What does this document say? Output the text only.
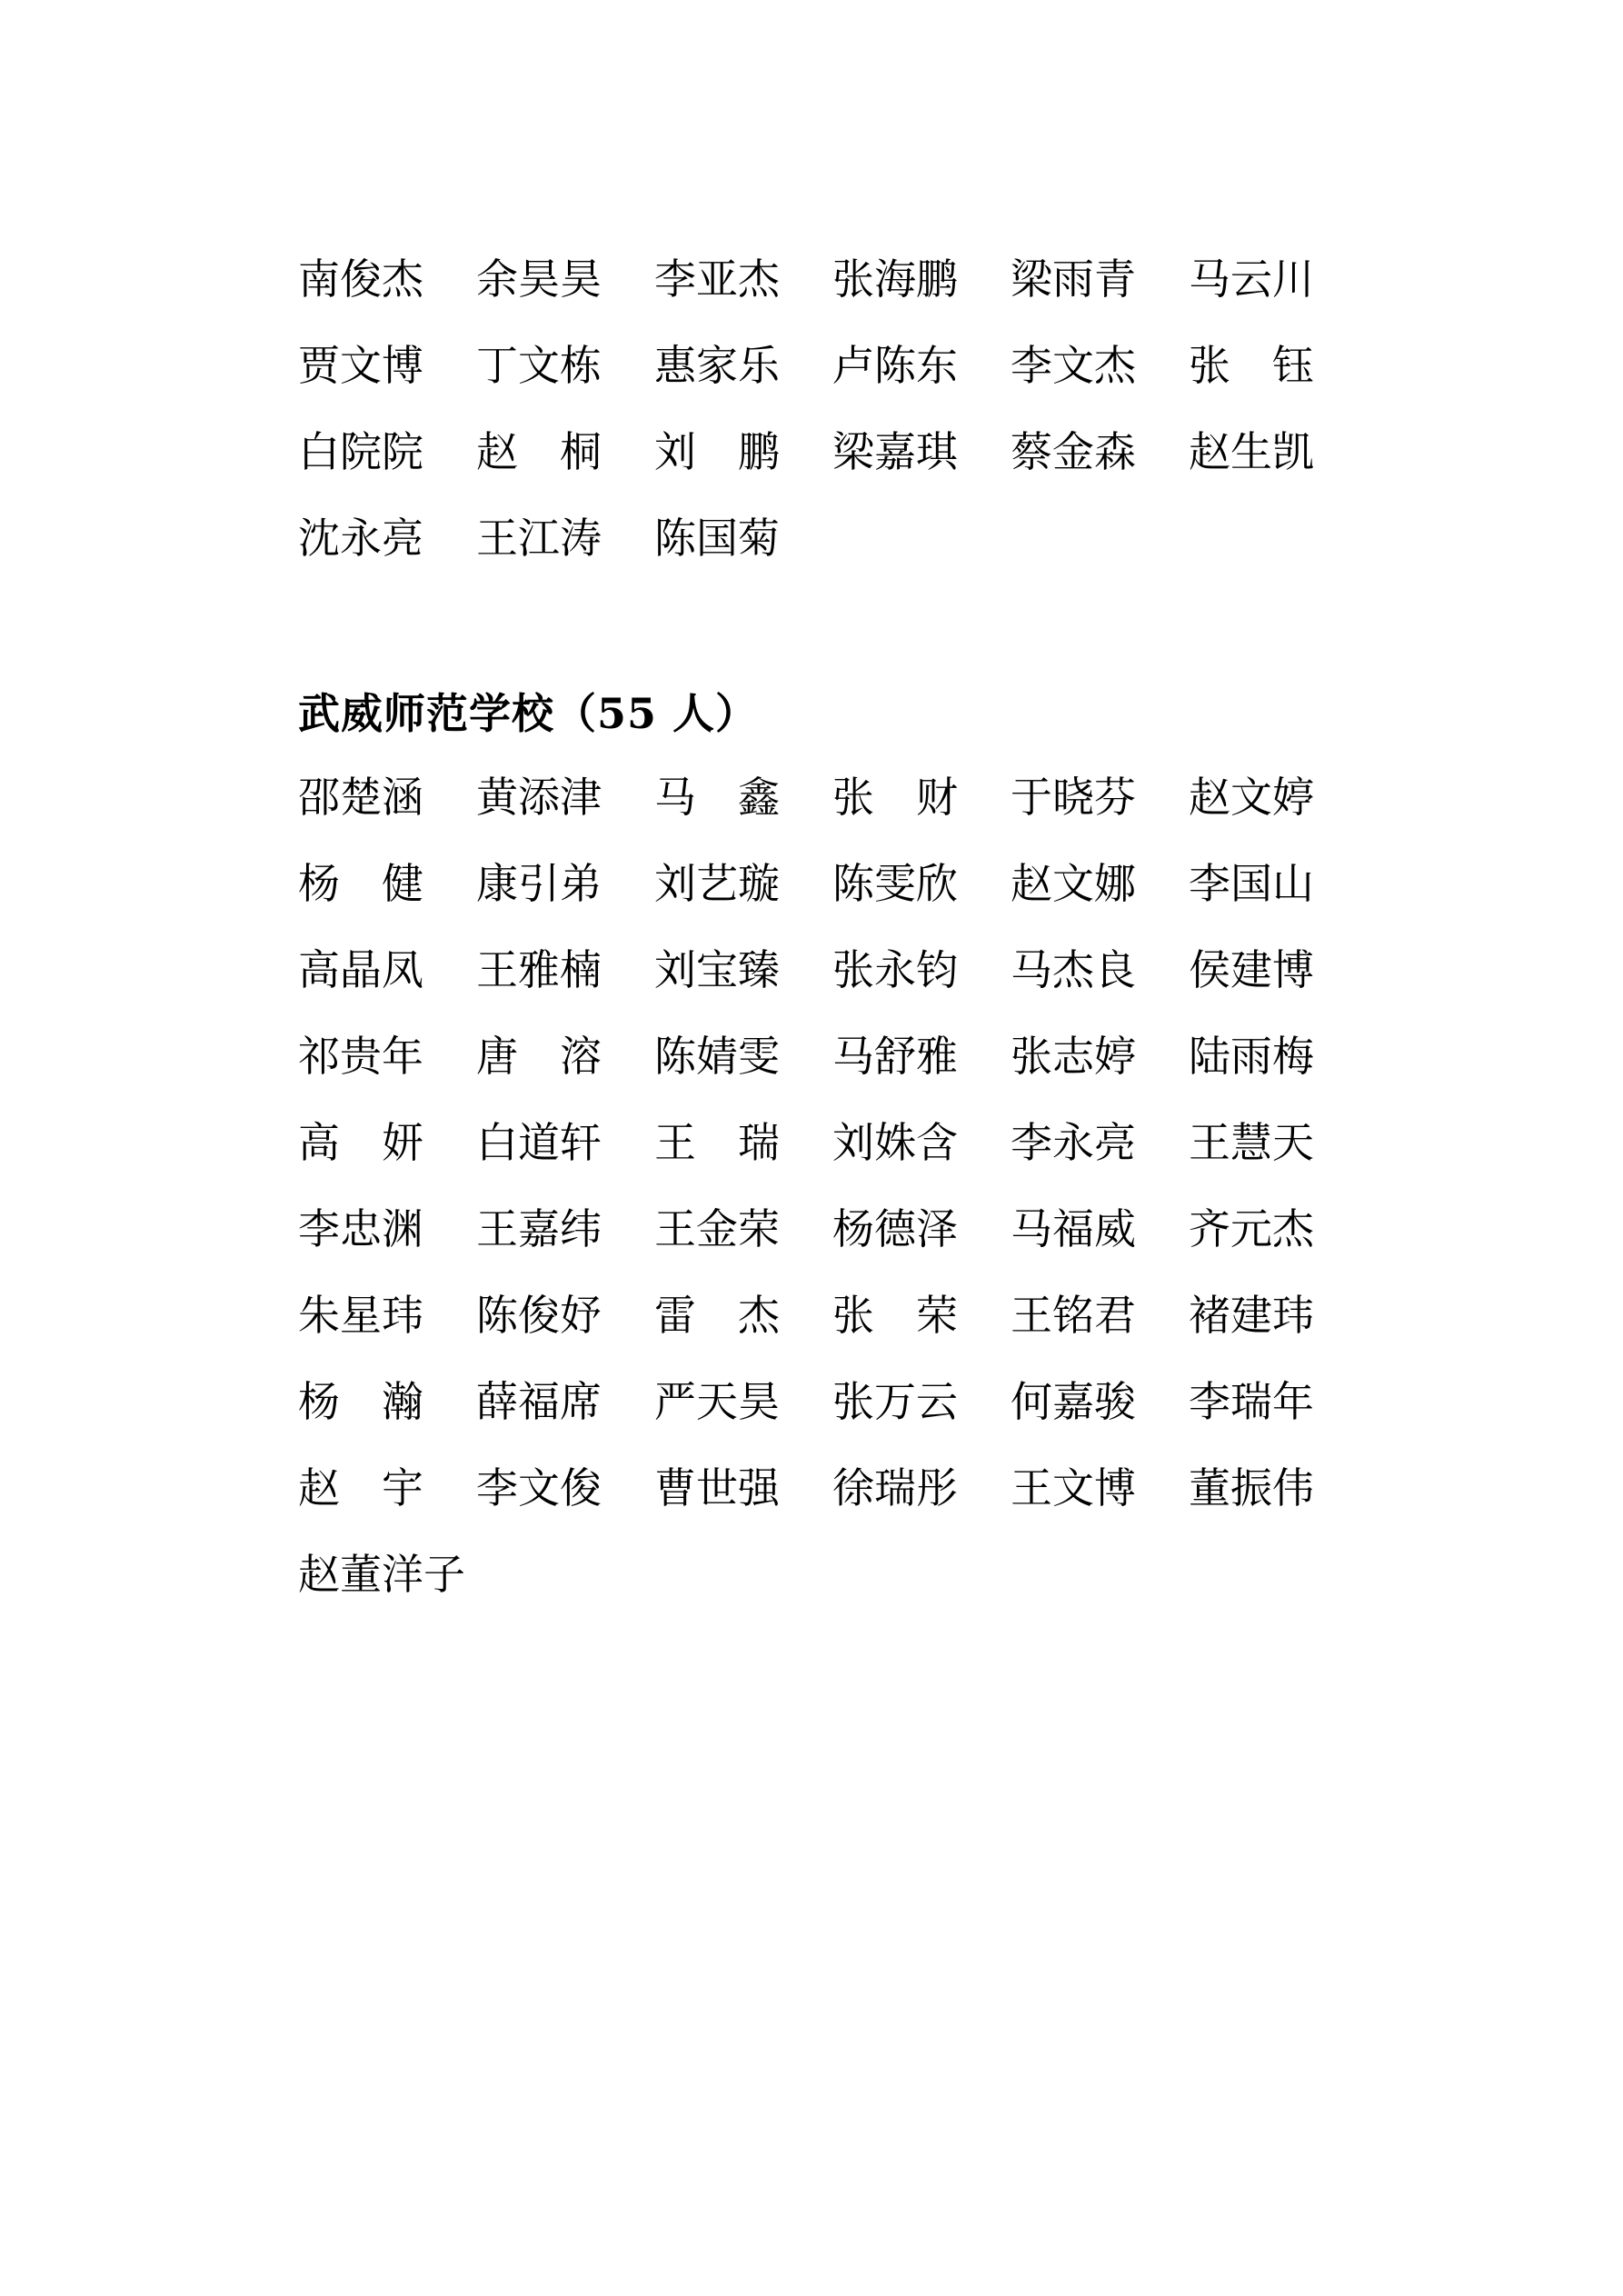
南 俊 杰 余 昊 昊 李 亚 杰 张 海 鹏 梁 雨 青 马 云 川
贾 文 博 丁 文 栋 惠 家 乐 卢 陈 东 李 文 杰 张 钰
白 院 院 赵 桐 刘 鹏 梁 嘉 琪 蔡 金 森 赵 生 凯
沈 永 亮 王 江 涛 陈 国 菊
武威师范学校（55 人）
邵 楚 涵 黄 添 津 马 鑫 张 财 于 晓 芬 赵 文 婷
杨 健 康 引 弟 刘 艺 璇 陈 雯 欣 赵 文 娜 李 国 山
高 晶 凤 王 雅 楠 刘 宝 臻 张 永 钧 马 杰 良 侯 建 博
祁 贵 年 唐 溶 陈 婧 雯 马 舒 雅 张 志 婷 陆 雨 梅
高 妍 白 道 轩 王 瑞 刘 姝 含 李 永 亮 王 慧 天
李 忠 渊 王 嘉 纬 王 金 荣 杨 德 泽 马 福 威 齐 元 杰
朱 星 玮 陈 俊 妤 雷 杰 张 荣 王 铭 君 褚 建 玮
杨 瀚 薛 福 席 严 天 昊 张 万 云 何 嘉 骏 李 瑞 年
赵 宇 李 文 俊 曹 世 强 徐 瑞 彤 王 文 博 董 振 伟
赵 董 洋 子
